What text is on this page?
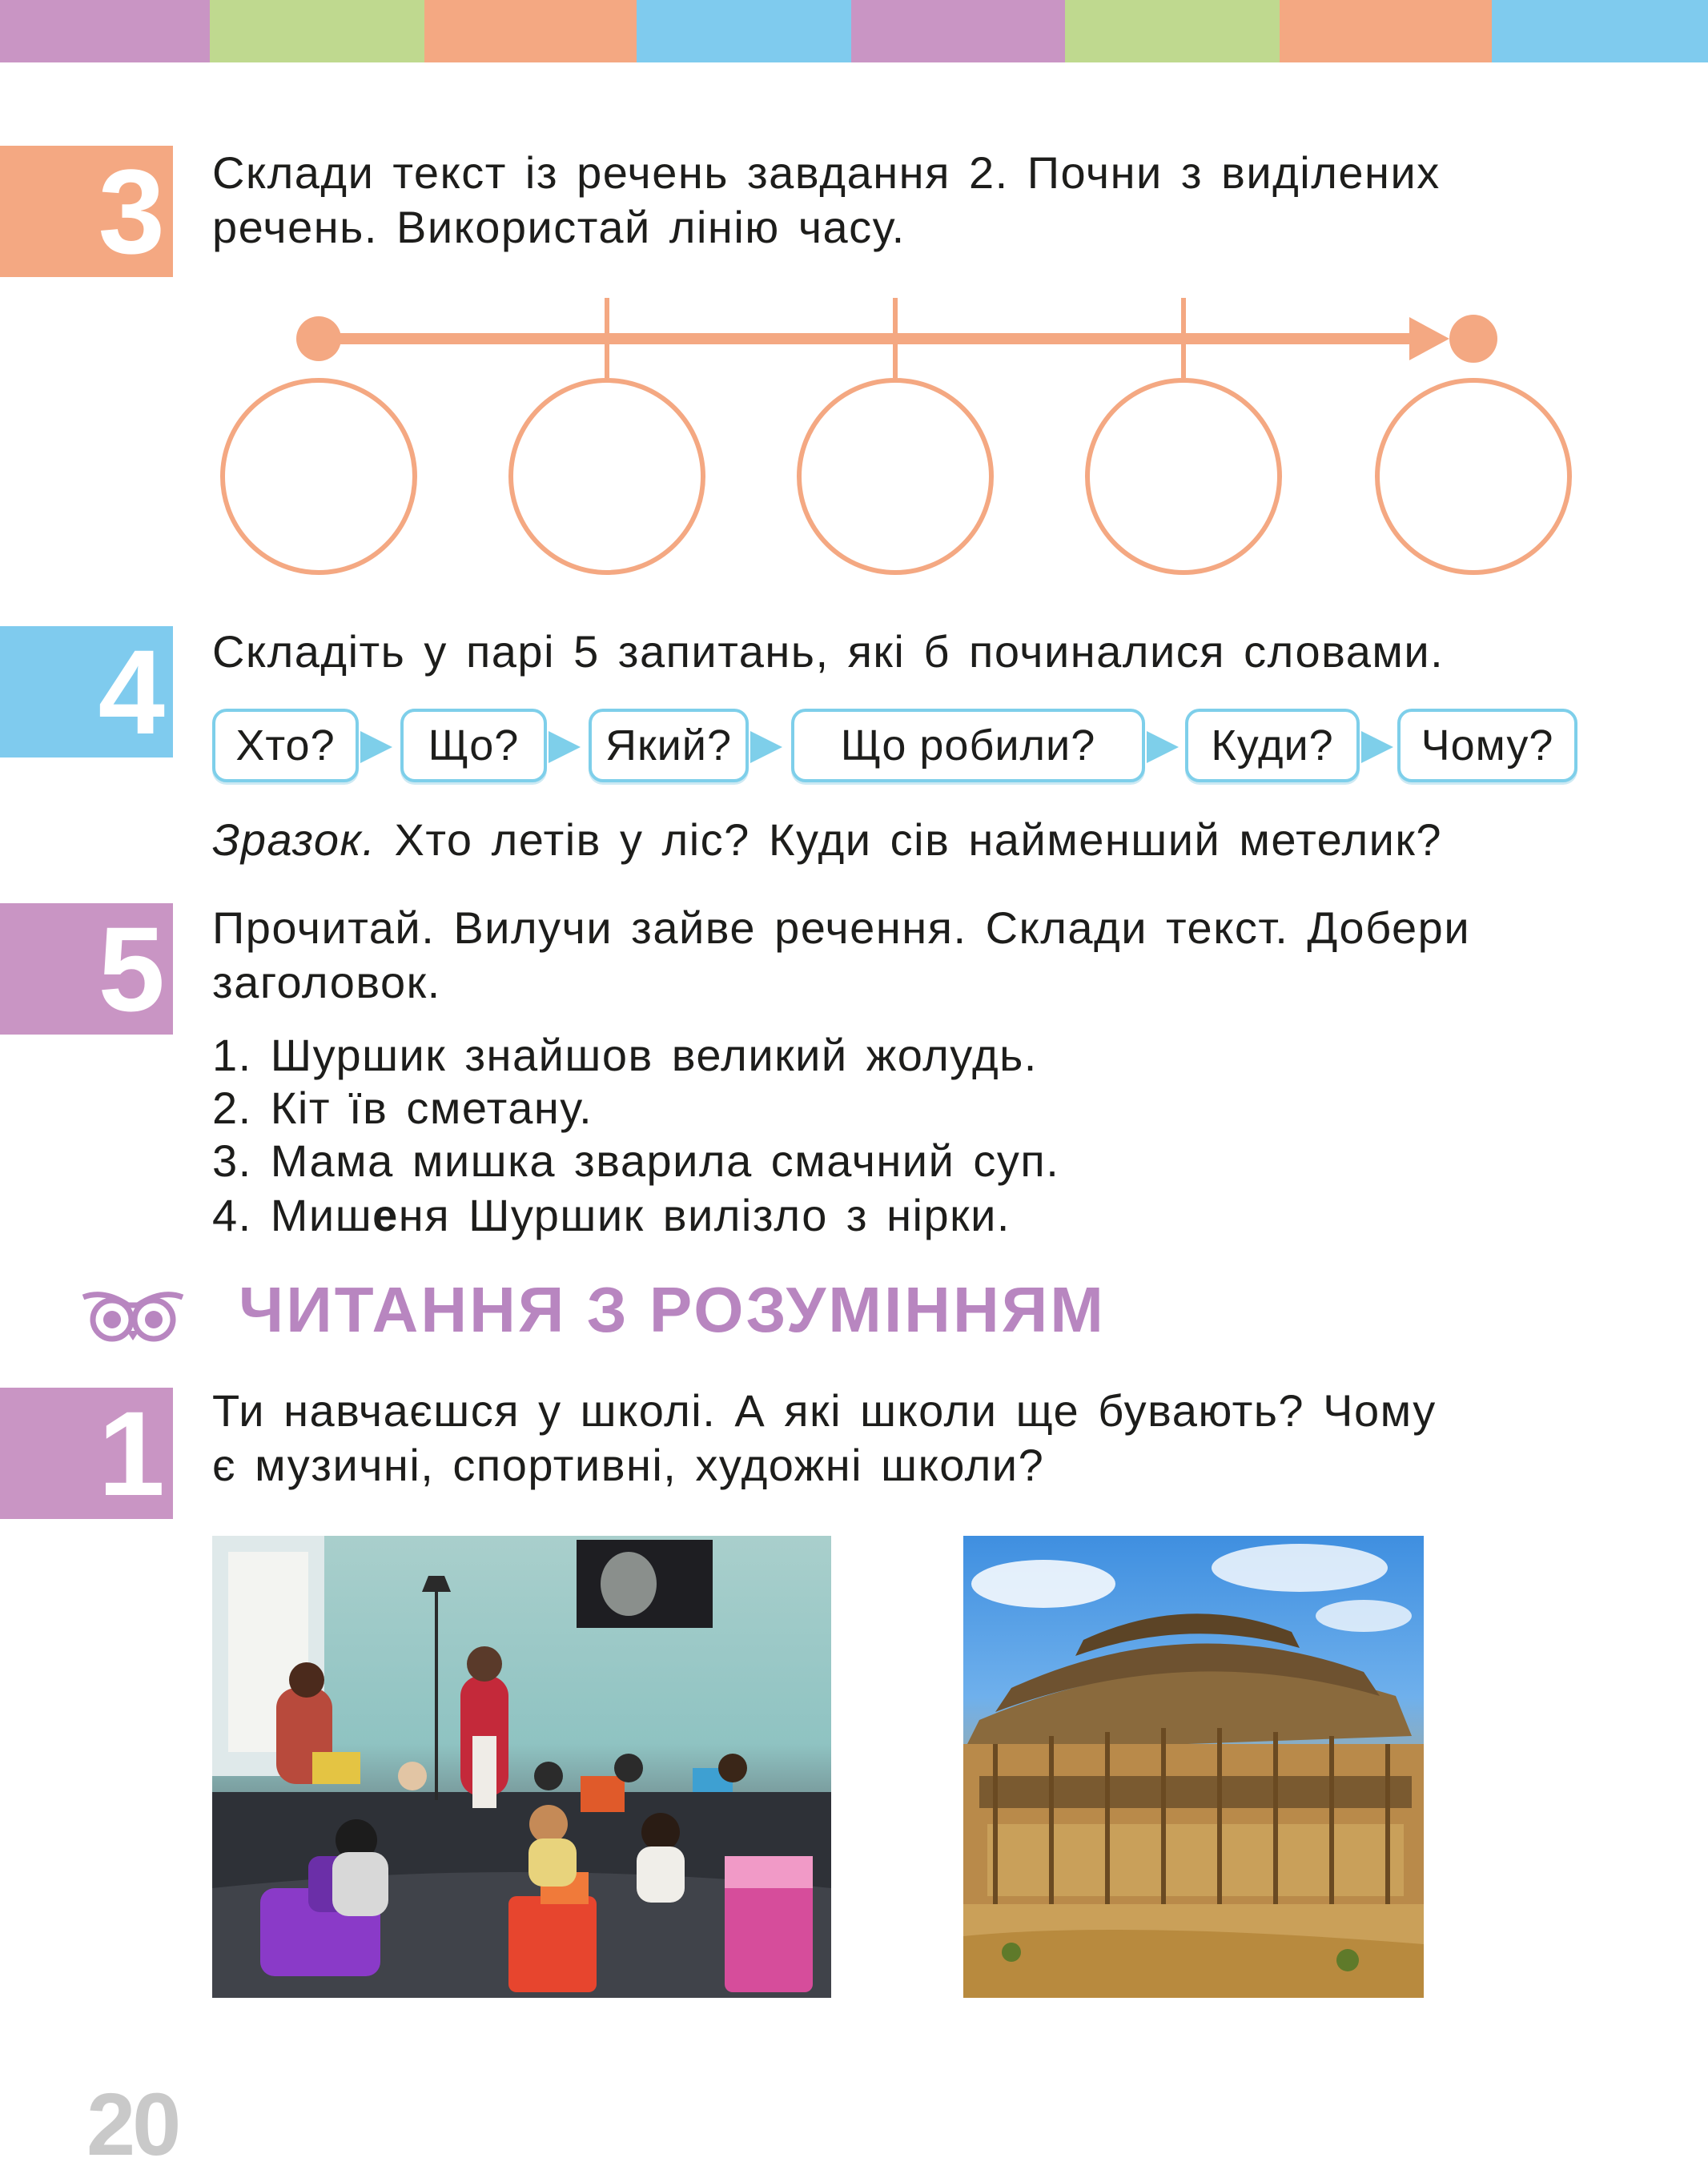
3 Склади текст із речень завдання 2. Почни з виділених
речень. Використай лінію часу.
4 Складіть у парі 5 запитань, які б починалися словами.
Хто? Що? Який?	Що робили?	Куди? Чому?
Зразок. Хто летів у ліс? Куди сів найменший метелик?
5 Прочитай. Вилучи зайве речення. Склади текст. Добери
заголовок.
1. Шуршик знайшов великий жолудь.
2. Кіт їв сметану.
3. Мама мишка зварила смачний суп.
4. Мишеня Шуршик вилізло з нірки.
ЧИТАННЯ З РОЗУМІННЯМ
1 Ти навчаєшся у школі. А які школи ще бувають? Чому
є музичні, спортивні, художні школи?
20
